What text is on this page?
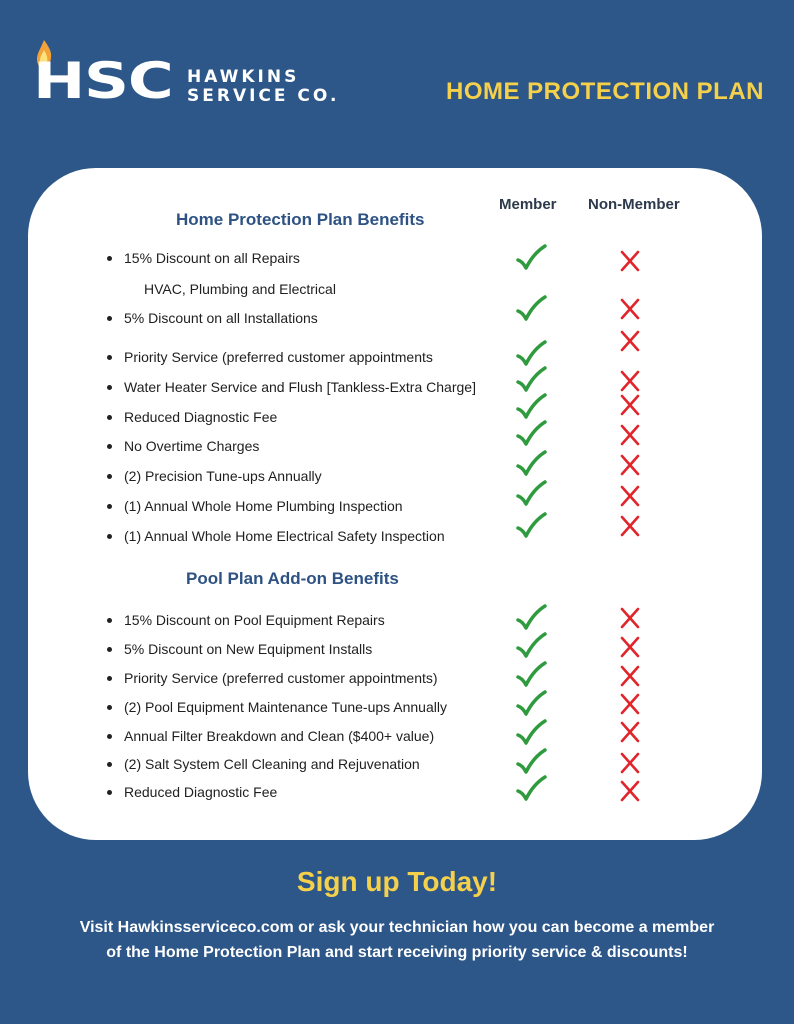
HSC HAWKINS
SERVICE CO.	HOME PROTECTION PLAN
Member Non-Member
Home Protection Plan Benefits
15% Discount on all Repairs
5% Discount on all Installations
Priority Service (preferred customer appointments
Water Heater Service and Flush [Tankless-Extra Charge]
Reduced Diagnostic Fee
No Overtime Charges
(2) Precision Tune-ups Annually
(1) Annual Whole Home Plumbing Inspection
(1) Annual Whole Home Electrical Safety Inspection
HVAC, Plumbing and Electrical
Pool Plan Add-on Benefits
15% Discount on Pool Equipment Repairs
5% Discount on New Equipment Installs
Priority Service (preferred customer appointments)
(2) Pool Equipment Maintenance Tune-ups Annually
Annual Filter Breakdown and Clean ($400+ value)
(2) Salt System Cell Cleaning and Rejuvenation
Reduced Diagnostic Fee
Sign up Today!
Visit Hawkinsserviceco.com or ask your technician how you can become a member
of the Home Protection Plan and start receiving priority service & discounts!
